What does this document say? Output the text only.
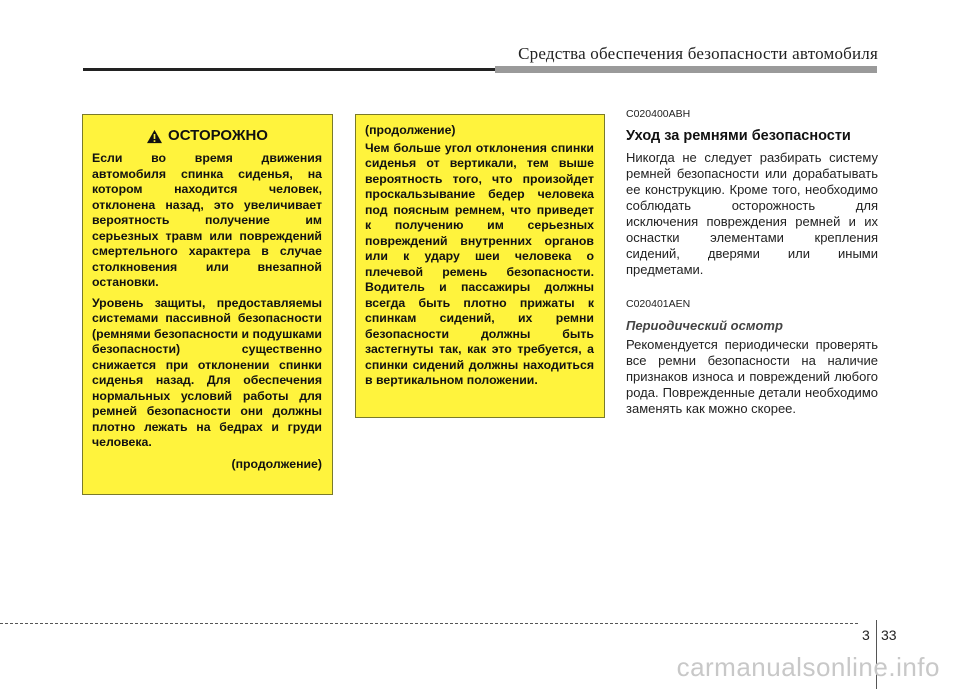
Средства обеспечения безопасности автомобиля
ОСТОРОЖНО

Если во время движения автомобиля спинка сиденья, на котором находится человек, отклонена назад, это увеличивает вероятность получение им серьезных травм или повреждений смертельного характера в случае столкновения или внезапной остановки.

Уровень защиты, предоставляемы системами пассивной безопасности (ремнями безопасности и подушками безопасности) существенно снижается при отклонении спинки сиденья назад. Для обеспечения нормальных условий работы для ремней безопасности они должны плотно лежать на бедрах и груди человека.

(продолжение)

(продолжение)

Чем больше угол отклонения спинки сиденья от вертикали, тем выше вероятность того, что произойдет проскальзывание бедер человека под поясным ремнем, что приведет к получению им серьезных повреждений внутренних органов или к удару шеи человека о плечевой ремень безопасности. Водитель и пассажиры должны всегда быть плотно прижаты к спинкам сидений, их ремни безопасности должны быть застегнуты так, как это требуется, а спинки сидений должны находиться в вертикальном положении.

C020400ABH
Уход за ремнями безопасности

Никогда не следует разбирать систему ремней безопасности или дорабатывать ее конструкцию. Кроме того, необходимо соблюдать осторожность для исключения повреждения ремней и их оснастки элементами крепления сидений, дверями или иными предметами.

C020401AEN
Периодический осмотр

Рекомендуется периодически проверять все ремни безопасности на наличие признаков износа и повреждений любого рода. Поврежденные детали необходимо заменять как можно скорее.

3 33
carmanualsonline.info
